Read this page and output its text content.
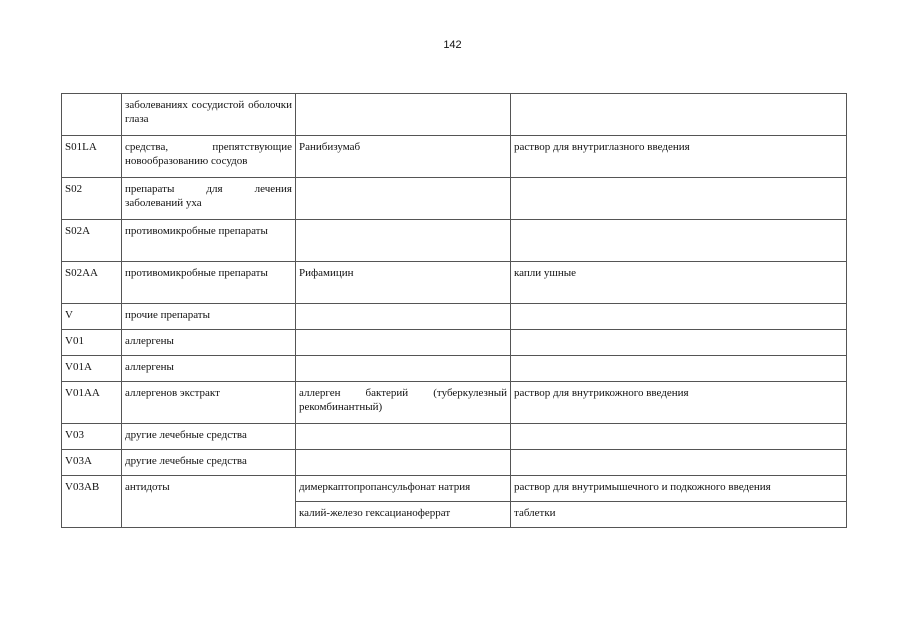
142
	заболеваниях сосудистой оболочки глаза		
S01LA	средства, препятствующие новообразованию сосудов	Ранибизумаб	раствор для внутриглазного введения
S02	препараты для лечения заболеваний уха		
S02A	противомикробные препараты		
S02AA	противомикробные препараты	Рифамицин	капли ушные
V	прочие препараты		
V01	аллергены		
V01A	аллергены		
V01AA	аллергенов экстракт	аллерген бактерий (туберкулезный рекомбинантный)	раствор для внутрикожного введения
V03	другие лечебные средства		
V03A	другие лечебные средства		
V03AB	антидоты	димеркаптопропансульфонат натрия	раствор для внутримышечного и подкожного введения
		калий-железо гексацианоферрат	таблетки
